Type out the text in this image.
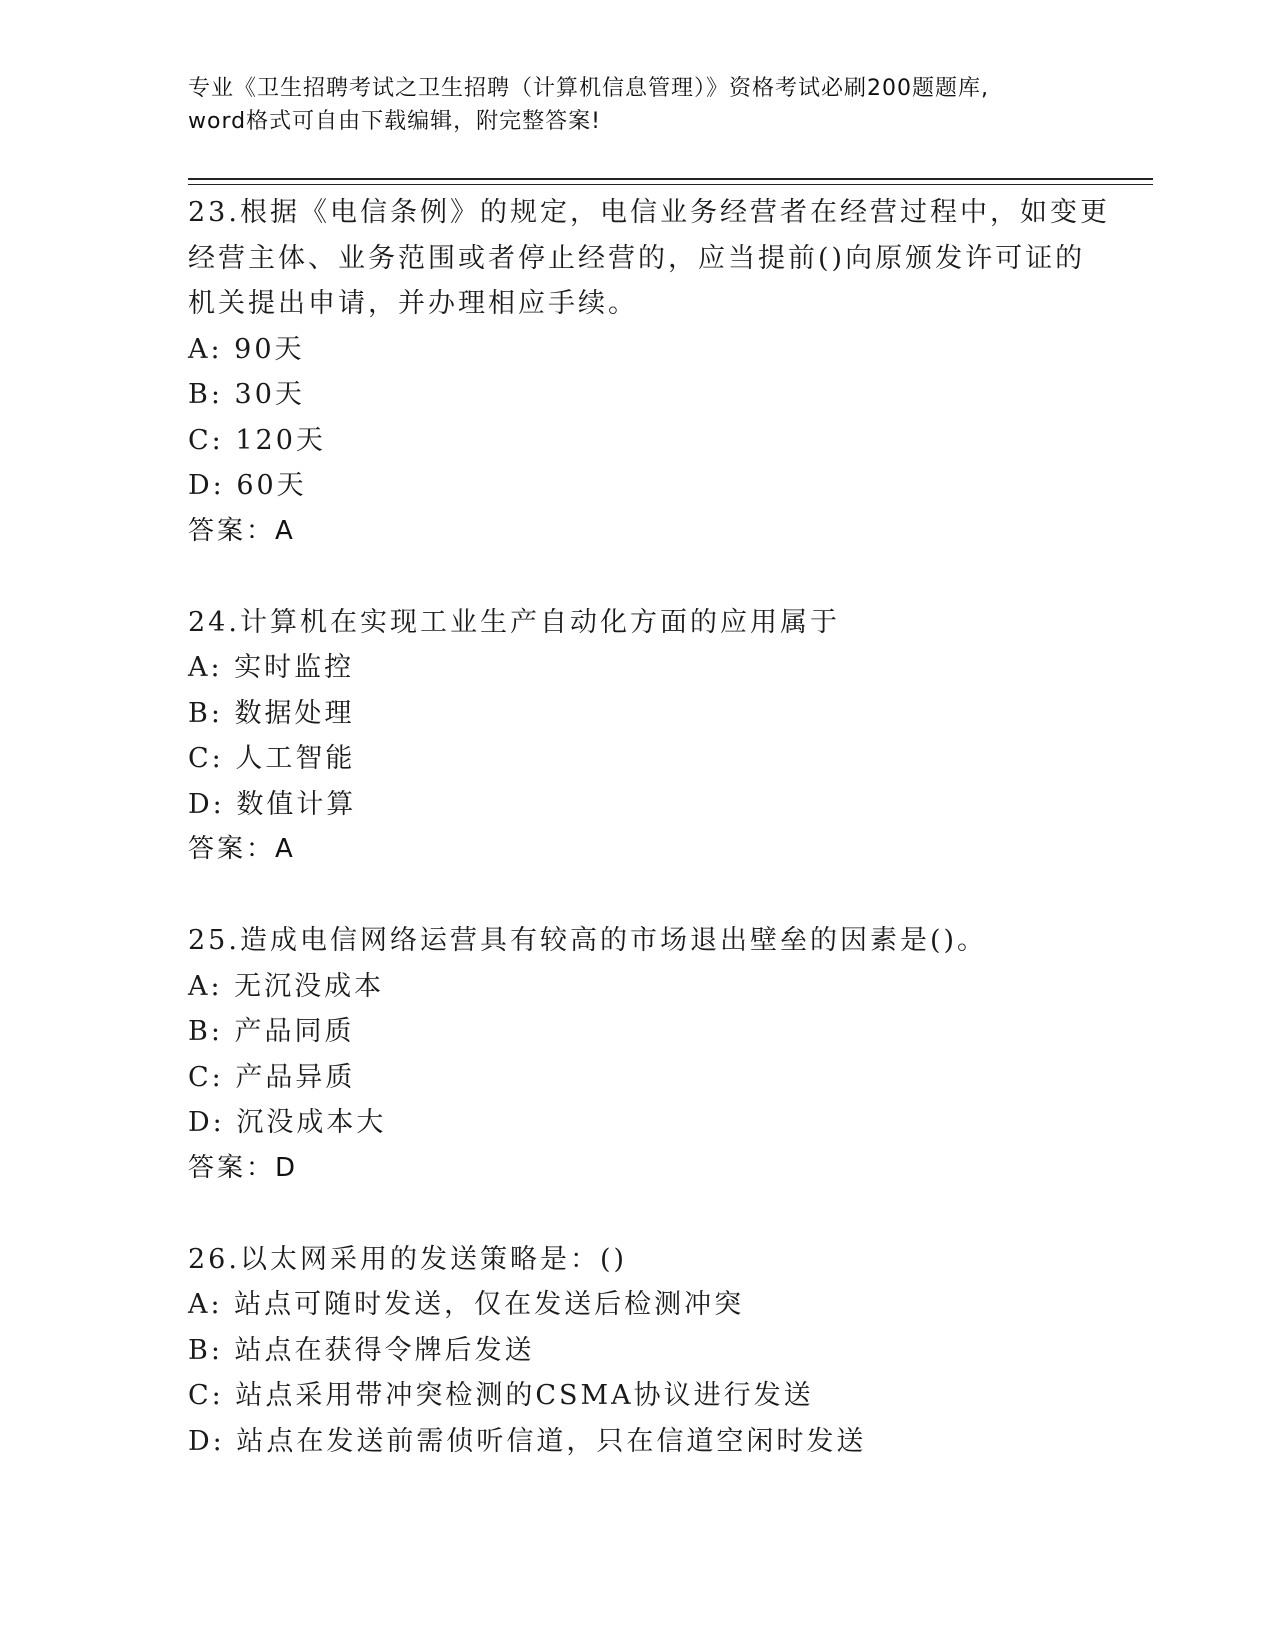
专业《卫生招聘考试之卫生招聘（计算机信息管理）》资格考试必刷200题题库,
word格式可自由下载编辑，附完整答案!
23.根据《电信条例》的规定，电信业务经营者在经营过程中，如变更
经营主体、业务范围或者停止经营的，应当提前()向原颁发许可证的
机关提出申请，并办理相应手续。
A: 90天
B: 30天
C: 120天
D: 60天
答案：A
24.计算机在实现工业生产自动化方面的应用属于
A: 实时监控
B: 数据处理
C: 人工智能
D: 数值计算
答案：A
25.造成电信网络运营具有较高的市场退出壁垒的因素是()。
A: 无沉没成本
B: 产品同质
C: 产品异质
D: 沉没成本大
答案：D
26.以太网采用的发送策略是：()
A: 站点可随时发送，仅在发送后检测冲突
B: 站点在获得令牌后发送
C: 站点采用带冲突检测的CSMA协议进行发送
D: 站点在发送前需侦听信道，只在信道空闲时发送
